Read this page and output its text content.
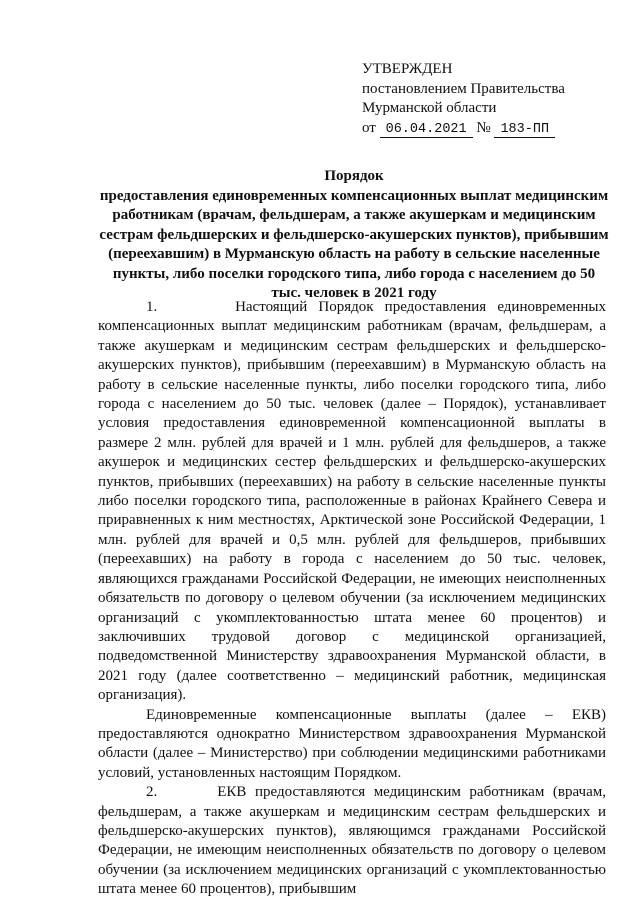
УТВЕРЖДЕН
постановлением Правительства
Мурманской области
от 06.04.2021 № 183-ПП
Порядок
предоставления единовременных компенсационных выплат медицинским работникам (врачам, фельдшерам, а также акушеркам и медицинским сестрам фельдшерских и фельдшерско-акушерских пунктов), прибывшим (переехавшим) в Мурманскую область на работу в сельские населенные пункты, либо поселки городского типа, либо города с населением до 50 тыс. человек в 2021 году

1.       Настоящий Порядок предоставления единовременных компенсационных выплат медицинским работникам (врачам, фельдшерам, а также акушеркам и медицинским сестрам фельдшерских и фельдшерско-акушерских пунктов), прибывшим (переехавшим) в Мурманскую область на работу в сельские населенные пункты, либо поселки городского типа, либо города с населением до 50 тыс. человек (далее – Порядок), устанавливает условия предоставления единовременной компенсационной выплаты в размере 2 млн. рублей для врачей и 1 млн. рублей для фельдшеров, а также акушерок и медицинских сестер фельдшерских и фельдшерско-акушерских пунктов, прибывших (переехавших) на работу в сельские населенные пункты либо поселки городского типа, расположенные в районах Крайнего Севера и приравненных к ним местностях, Арктической зоне Российской Федерации, 1 млн. рублей для врачей и 0,5 млн. рублей для фельдшеров, прибывших (переехавших) на работу в города с населением до 50 тыс. человек, являющихся гражданами Российской Федерации, не имеющих неисполненных обязательств по договору о целевом обучении (за исключением медицинских организаций с укомплектованностью штата менее 60 процентов) и заключивших трудовой договор с медицинской организацией, подведомственной Министерству здравоохранения Мурманской области, в 2021 году (далее соответственно – медицинский работник, медицинская организация).

Единовременные компенсационные выплаты (далее – ЕКВ) предоставляются однократно Министерством здравоохранения Мурманской области (далее – Министерство) при соблюдении медицинскими работниками условий, установленных настоящим Порядком.

2.       ЕКВ предоставляются медицинским работникам (врачам, фельдшерам, а также акушеркам и медицинским сестрам фельдшерских и фельдшерско-акушерских пунктов), являющимся гражданами Российской Федерации, не имеющим неисполненных обязательств по договору о целевом обучении (за исключением медицинских организаций с укомплектованностью штата менее 60 процентов), прибывшим
